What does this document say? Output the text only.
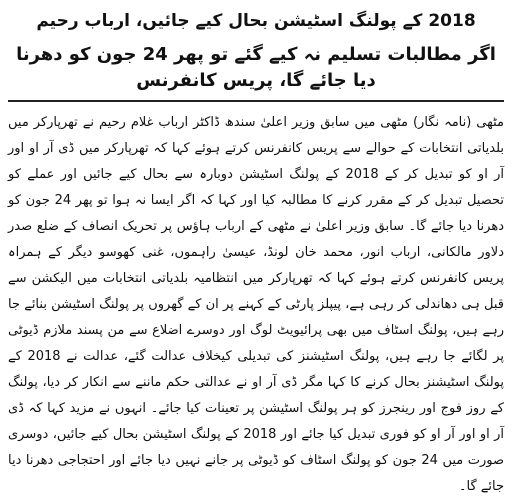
2018 کے پولنگ اسٹیشن بحال کیے جائیں، ارباب رحیم
اگر مطالبات تسلیم نہ کیے گئے تو پھر 24 جون کو دھرنا دیا جائے گا، پریس کانفرنس

مٹھی (نامہ نگار) مٹھی میں سابق وزیر اعلیٰ سندھ ڈاکٹر ارباب غلام رحیم نے تھرپارکر میں بلدیاتی انتخابات کے حوالے سے پریس کانفرنس کرتے ہوئے کہا کہ تھرپارکر میں ڈی آر او اور آر او کو تبدیل کر کے 2018 کے پولنگ اسٹیشن دوبارہ سے بحال کیے جائیں اور عملے کو تحصیل تبدیل کر کے مقرر کرنے کا مطالبہ کیا اور کہا کہ اگر ایسا نہ ہوا تو پھر 24 جون کو دھرنا دیا جائے گا۔ سابق وزیر اعلیٰ نے مٹھی کے ارباب ہاؤس پر تحریک انصاف کے ضلع صدر دلاور مالکانی، ارباب انور، محمد خان لونڈ، عیسیٰ راہموں، غنی کھوسو دیگر کے ہمراہ پریس کانفرنس کرتے ہوئے کہا کہ تھرپارکر میں انتظامیہ بلدیاتی انتخابات میں الیکشن سے قبل ہی دھاندلی کر رہی ہے، پیپلز پارٹی کے کہنے پر ان کے گھروں پر پولنگ اسٹیشن بنائے جا رہے ہیں، پولنگ اسٹاف میں بھی پرائیویٹ لوگ اور دوسرے اضلاع سے من پسند ملازم ڈیوٹی پر لگائے جا رہے ہیں، پولنگ اسٹیشنز کی تبدیلی کیخلاف عدالت گئے، عدالت نے 2018 کے پولنگ اسٹیشنز بحال کرنے کا کہا مگر ڈی آر او نے عدالتی حکم ماننے سے انکار کر دیا، پولنگ کے روز فوج اور رینجرز کو ہر پولنگ اسٹیشن پر تعینات کیا جائے۔ انہوں نے مزید کہا کہ ڈی آر او اور آر او کو فوری تبدیل کیا جائے اور 2018 کے پولنگ اسٹیشن بحال کیے جائیں، دوسری صورت میں 24 جون کو پولنگ اسٹاف کو ڈیوٹی پر جانے نہیں دیا جائے اور احتجاجی دھرنا دیا جائے گا۔
